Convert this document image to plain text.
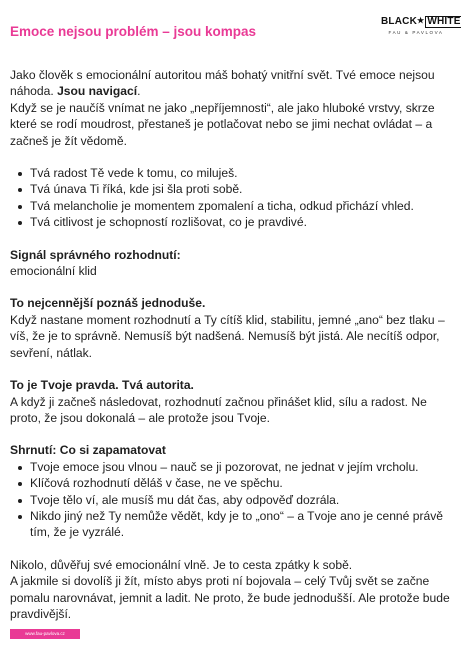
Emoce nejsou problém – jsou kompas
BLACK★ WHITE
FAU & PAVLOVA

Jako člověk s emocionální autoritou máš bohatý vnitřní svět. Tvé emoce nejsou náhoda. Jsou navigací.

Když se je naučíš vnímat ne jako „nepříjemnosti“, ale jako hluboké vrstvy, skrze které se rodí moudrost, přestaneš je potlačovat nebo se jimi nechat ovládat – a začneš je žít vědomě.

Tvá radost Tě vede k tomu, co miluješ.
Tvá únava Ti říká, kde jsi šla proti sobě.
Tvá melancholie je momentem zpomalení a ticha, odkud přichází vhled.
Tvá citlivost je schopností rozlišovat, co je pravdivé.
Signál správného rozhodnutí:

emocionální klid

To nejcennější poznáš jednoduše.

Když nastane moment rozhodnutí a Ty cítíš klid, stabilitu, jemné „ano“ bez tlaku – víš, že je to správně. Nemusíš být nadšená. Nemusíš být jistá. Ale necítíš odpor, sevření, nátlak.

To je Tvoje pravda. Tvá autorita.

A když ji začneš následovat, rozhodnutí začnou přinášet klid, sílu a radost. Ne proto, že jsou dokonalá – ale protože jsou Tvoje.

Shrnutí: Co si zapamatovat
Tvoje emoce jsou vlnou – nauč se ji pozorovat, ne jednat v jejím vrcholu.
Klíčová rozhodnutí děláš v čase, ne ve spěchu.
Tvoje tělo ví, ale musíš mu dát čas, aby odpověď dozrála.
Nikdo jiný než Ty nemůže vědět, kdy je to „ono“ – a Tvoje ano je cenné právě tím, že je vyzrálé.

Nikolo, důvěřuj své emocionální vlně. Je to cesta zpátky k sobě.

A jakmile si dovolíš ji žít, místo abys proti ní bojovala – celý Tvůj svět se začne pomalu narovnávat, jemnit a ladit. Ne proto, že bude jednodušší. Ale protože bude pravdivější.

www.fau-pavlova.cz
